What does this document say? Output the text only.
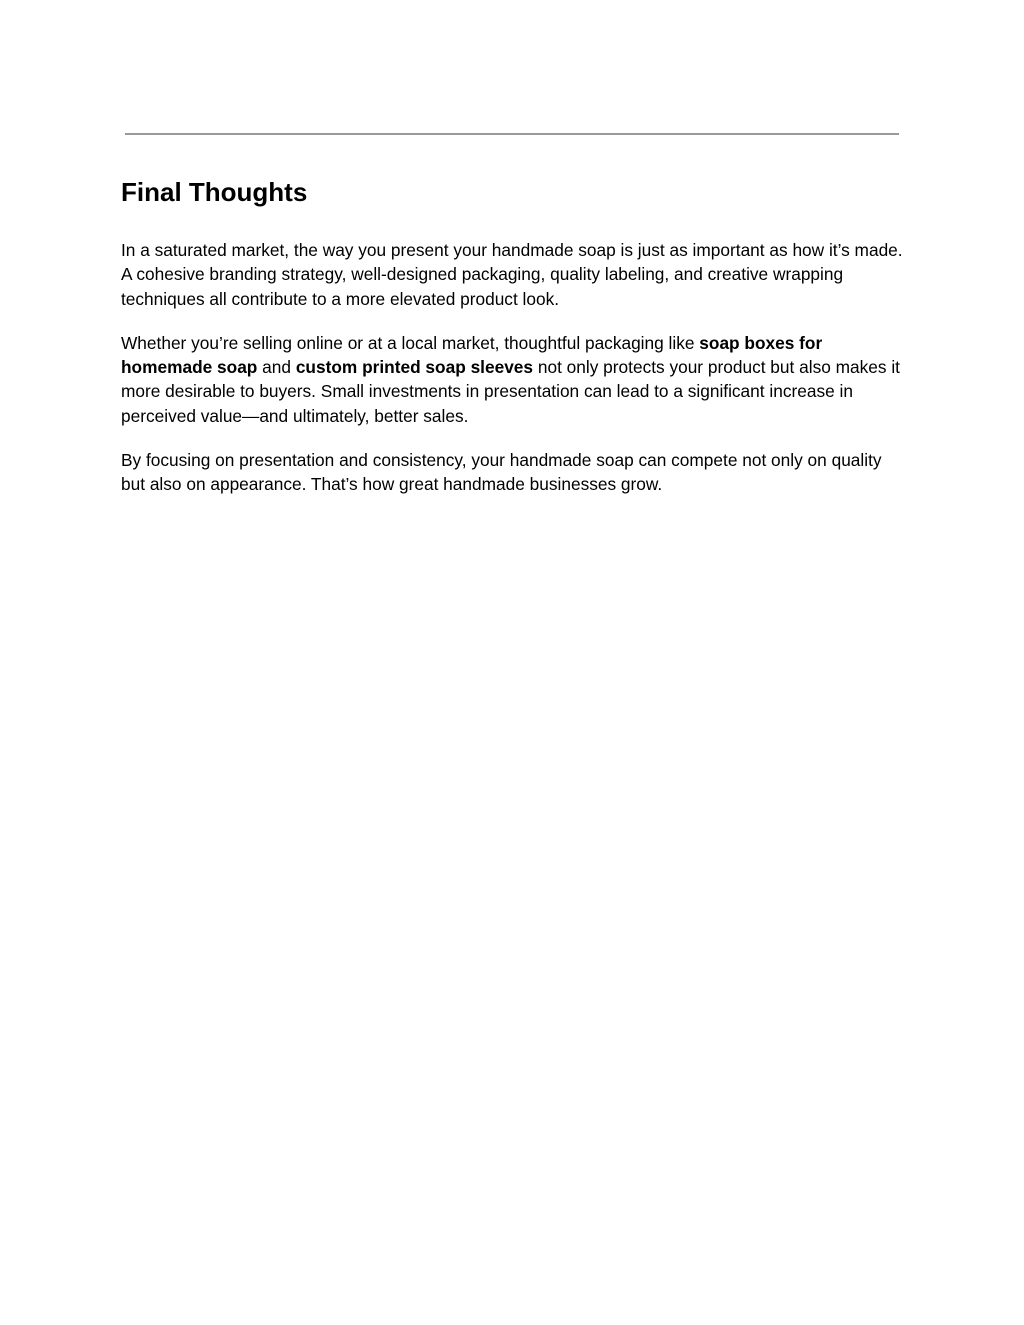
Final Thoughts

In a saturated market, the way you present your handmade soap is just as important as how it’s made. A cohesive branding strategy, well-designed packaging, quality labeling, and creative wrapping techniques all contribute to a more elevated product look.

Whether you’re selling online or at a local market, thoughtful packaging like soap boxes for homemade soap and custom printed soap sleeves not only protects your product but also makes it more desirable to buyers. Small investments in presentation can lead to a significant increase in perceived value—and ultimately, better sales.

By focusing on presentation and consistency, your handmade soap can compete not only on quality but also on appearance. That’s how great handmade businesses grow.
